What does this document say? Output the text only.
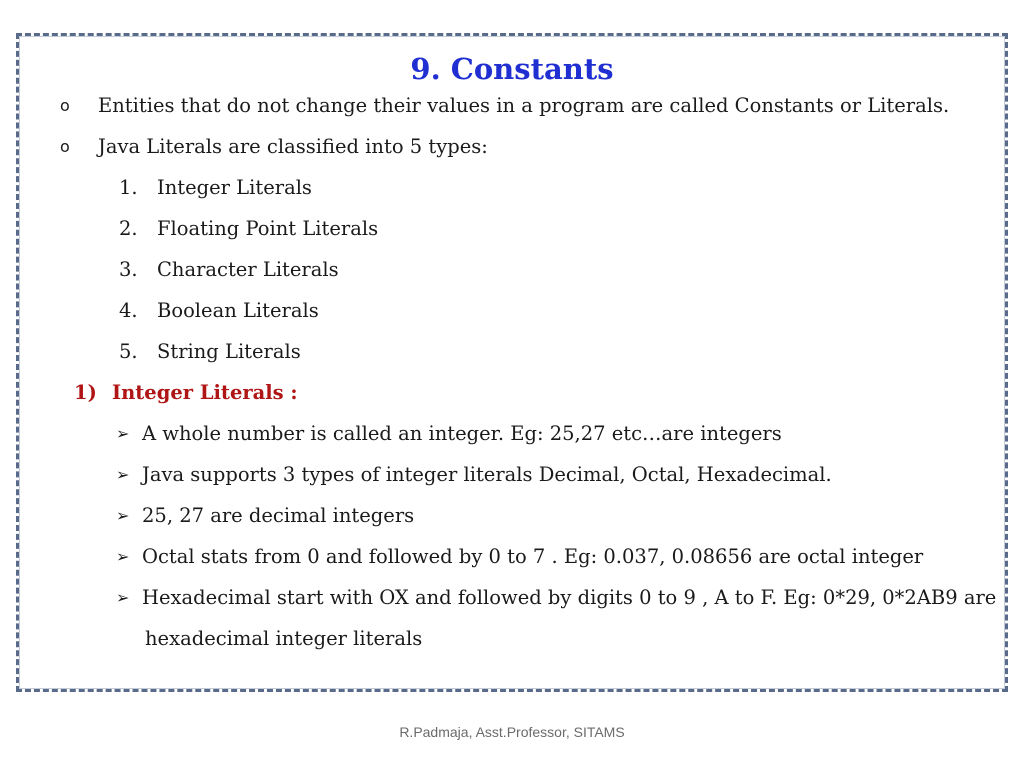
9. Constants
o	Entities that do not change their values in a program are called Constants or Literals.
o	Java Literals are classified into 5 types:
1. Integer Literals
2. Floating Point Literals
3. Character Literals
4. Boolean Literals
5. String Literals
1) Integer Literals :
➢ A whole number is called an integer. Eg: 25,27 etc…are integers
➢ Java supports 3 types of integer literals Decimal, Octal, Hexadecimal.
➢ 25, 27 are decimal integers
➢ Octal stats from 0 and followed by 0 to 7 . Eg: 0.037, 0.08656 are octal integer
➢ Hexadecimal start with OX and followed by digits 0 to 9 , A to F. Eg: 0*29, 0*2AB9 are
hexadecimal integer literals
R.Padmaja, Asst.Professor, SITAMS
